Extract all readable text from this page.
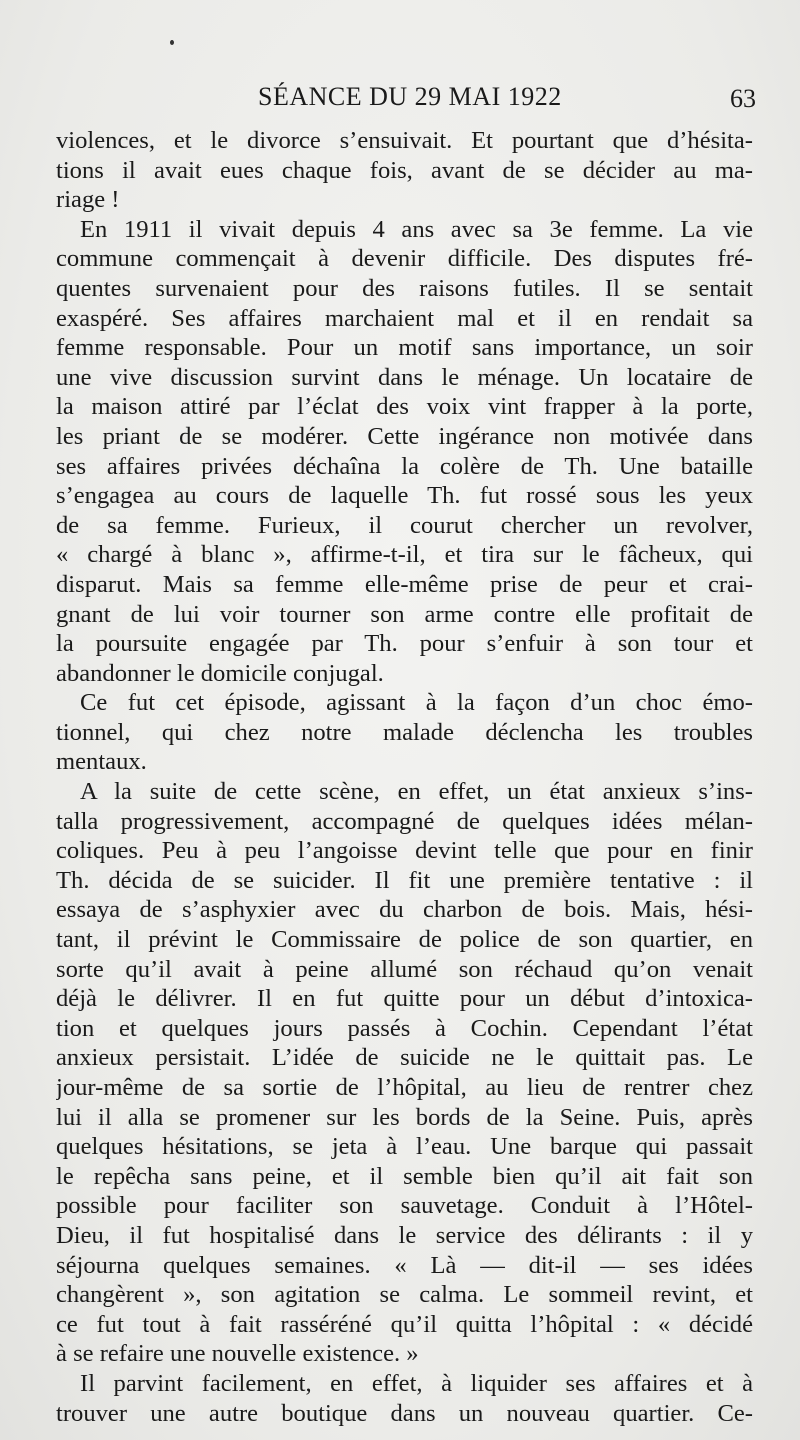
SÉANCE DU 29 MAI 1922	63
violences, et le divorce s’ensuivait. Et pourtant que d’hésita-
tions il avait eues chaque fois, avant de se décider au ma-
riage !
En 1911 il vivait depuis 4 ans avec sa 3e femme. La vie
commune commençait à devenir difficile. Des disputes fré-
quentes survenaient pour des raisons futiles. Il se sentait
exaspéré. Ses affaires marchaient mal et il en rendait sa
femme responsable. Pour un motif sans importance, un soir
une vive discussion survint dans le ménage. Un locataire de
la maison attiré par l’éclat des voix vint frapper à la porte,
les priant de se modérer. Cette ingérance non motivée dans
ses affaires privées déchaîna la colère de Th. Une bataille
s’engagea au cours de laquelle Th. fut rossé sous les yeux
de sa femme. Furieux, il courut chercher un revolver,
« chargé à blanc », affirme-t-il, et tira sur le fâcheux, qui
disparut. Mais sa femme elle-même prise de peur et crai-
gnant de lui voir tourner son arme contre elle profitait de
la poursuite engagée par Th. pour s’enfuir à son tour et
abandonner le domicile conjugal.
Ce fut cet épisode, agissant à la façon d’un choc émo-
tionnel, qui chez notre malade déclencha les troubles
mentaux.
A la suite de cette scène, en effet, un état anxieux s’ins-
talla progressivement, accompagné de quelques idées mélan-
coliques. Peu à peu l’angoisse devint telle que pour en finir
Th. décida de se suicider. Il fit une première tentative : il
essaya de s’asphyxier avec du charbon de bois. Mais, hési-
tant, il prévint le Commissaire de police de son quartier, en
sorte qu’il avait à peine allumé son réchaud qu’on venait
déjà le délivrer. Il en fut quitte pour un début d’intoxica-
tion et quelques jours passés à Cochin. Cependant l’état
anxieux persistait. L’idée de suicide ne le quittait pas. Le
jour-même de sa sortie de l’hôpital, au lieu de rentrer chez
lui il alla se promener sur les bords de la Seine. Puis, après
quelques hésitations, se jeta à l’eau. Une barque qui passait
le repêcha sans peine, et il semble bien qu’il ait fait son
possible pour faciliter son sauvetage. Conduit à l’Hôtel-
Dieu, il fut hospitalisé dans le service des délirants : il y
séjourna quelques semaines. « Là — dit-il — ses idées
changèrent », son agitation se calma. Le sommeil revint, et
ce fut tout à fait rasséréné qu’il quitta l’hôpital : « décidé
à se refaire une nouvelle existence. »
Il parvint facilement, en effet, à liquider ses affaires et à
trouver une autre boutique dans un nouveau quartier. Ce-
